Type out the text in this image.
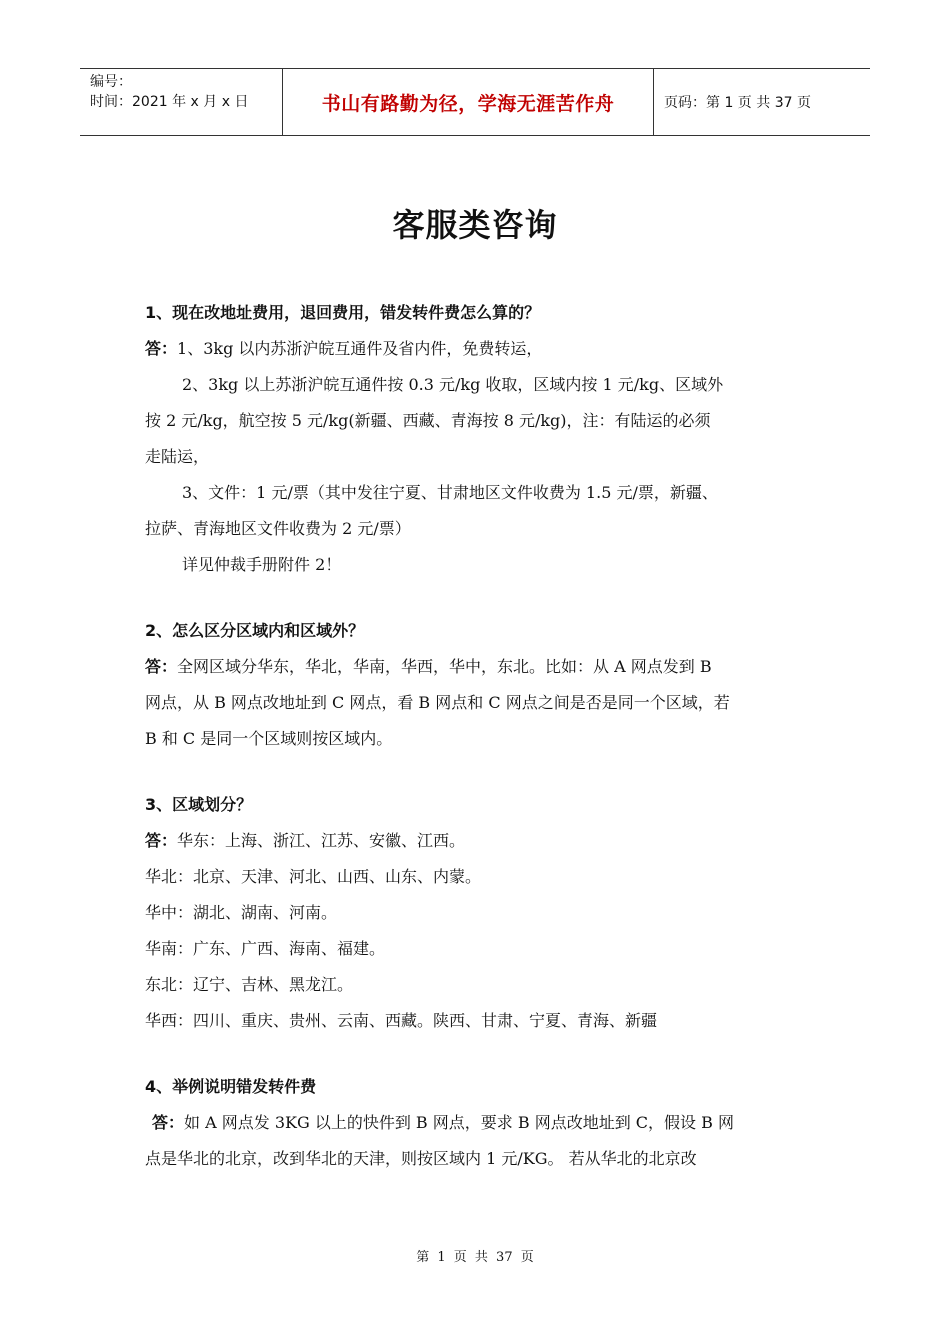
编号：
时间：2021 年 x 月 x 日	书山有路勤为径，学海无涯苦作舟	页码：第 1 页 共 37 页
客服类咨询
1、现在改地址费用，退回费用，错发转件费怎么算的？
答：1、3kg 以内苏浙沪皖互通件及省内件，免费转运，
2、3kg 以上苏浙沪皖互通件按 0.3 元/kg 收取，区域内按 1 元/kg、区域外
按 2 元/kg，航空按 5 元/kg(新疆、西藏、青海按 8 元/kg)，注：有陆运的必须
走陆运，
3、文件：1 元/票（其中发往宁夏、甘肃地区文件收费为 1.5 元/票，新疆、
拉萨、青海地区文件收费为 2 元/票）
详见仲裁手册附件 2！
2、怎么区分区域内和区域外？
答：全网区域分华东，华北，华南，华西，华中，东北。比如：从 A 网点发到 B
网点，从 B 网点改地址到 C 网点，看 B 网点和 C 网点之间是否是同一个区域，若
B 和 C 是同一个区域则按区域内。
3、区域划分？
答：华东：上海、浙江、江苏、安徽、江西。
华北：北京、天津、河北、山西、山东、内蒙。
华中：湖北、湖南、河南。
华南：广东、广西、海南、福建。
东北：辽宁、吉林、黑龙江。
华西：四川、重庆、贵州、云南、西藏。陕西、甘肃、宁夏、青海、新疆
4、举例说明错发转件费
答：如 A 网点发 3KG 以上的快件到 B 网点，要求 B 网点改地址到 C，假设 B 网
点是华北的北京，改到华北的天津，则按区域内 1 元/KG。 若从华北的北京改
第 1 页 共 37 页
